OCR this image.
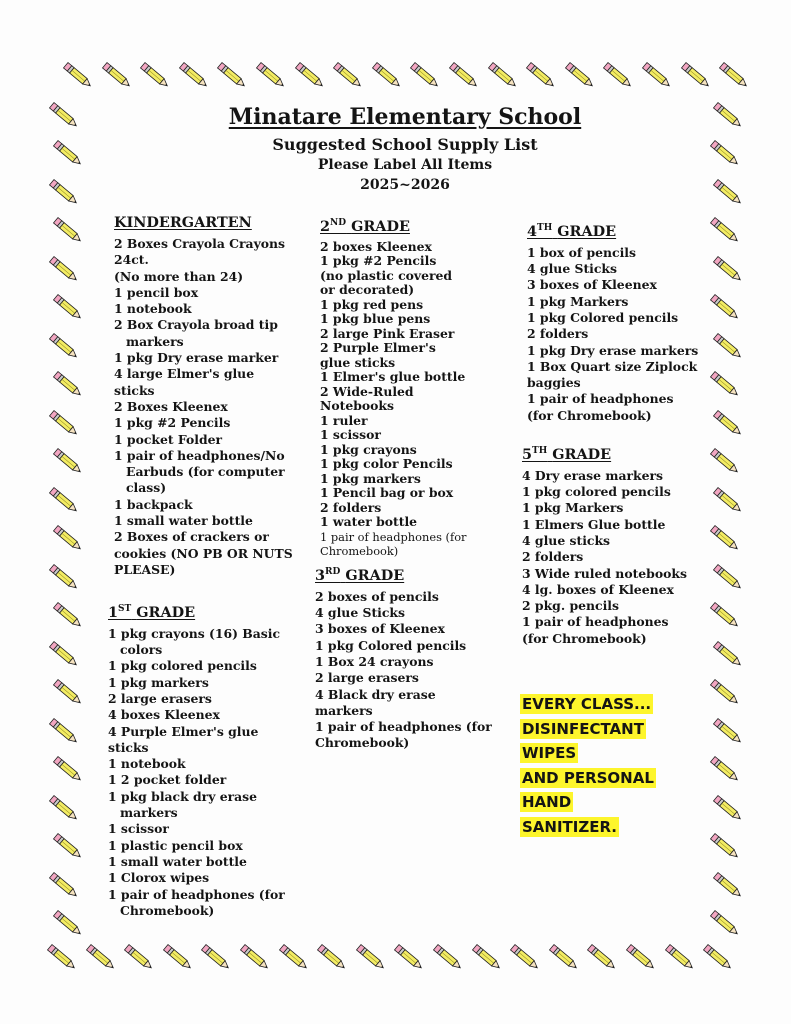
Minatare Elementary School
Suggested School Supply List
Please Label All Items
2025~2026
KINDERGARTEN
2 Boxes Crayola Crayons 24ct.
(No more than 24)
1 pencil box
1 notebook
2 Box Crayola broad tip markers
1 pkg Dry erase marker
4 large Elmer's glue sticks
2 Boxes Kleenex
1 pkg #2 Pencils
1 pocket Folder
1 pair of headphones/No Earbuds (for computer class)
1 backpack
1 small water bottle
2 Boxes of crackers or cookies (NO PB OR NUTS PLEASE)
1ST GRADE
1 pkg crayons (16) Basic colors
1 pkg colored pencils
1 pkg markers
2 large erasers
4 boxes Kleenex
4 Purple Elmer's glue sticks
1 notebook
1 2 pocket folder
1 pkg black dry erase markers
1 scissor
1 plastic pencil box
1 small water bottle
1 Clorox wipes
1 pair of headphones (for Chromebook)
2ND GRADE
2 boxes Kleenex
1 pkg #2 Pencils
(no plastic covered or decorated)
1 pkg red pens
1 pkg blue pens
2 large Pink Eraser
2 Purple Elmer's glue sticks
1 Elmer's glue bottle
2 Wide-Ruled Notebooks
1 ruler
1 scissor
1 pkg crayons
1 pkg color Pencils
1 pkg markers
1 Pencil bag or box
2 folders
1 water bottle
1 pair of headphones (for Chromebook)
3RD GRADE
2 boxes of pencils
4 glue Sticks
3 boxes of Kleenex
1 pkg Colored pencils
1 Box 24 crayons
2 large erasers
4 Black dry erase markers
1 pair of headphones (for Chromebook)
4TH GRADE
1 box of pencils
4 glue Sticks
3 boxes of Kleenex
1 pkg Markers
1 pkg Colored pencils
2 folders
1 pkg Dry erase markers
1 Box Quart size Ziplock baggies
1 pair of headphones (for Chromebook)
5TH GRADE
4 Dry erase markers
1 pkg colored pencils
1 pkg Markers
1 Elmers Glue bottle
4 glue sticks
2 folders
3 Wide ruled notebooks
4 lg. boxes of Kleenex
2 pkg. pencils
1 pair of headphones (for Chromebook)
EVERY CLASS...
DISINFECTANT
WIPES
AND PERSONAL
HAND
SANITIZER.
